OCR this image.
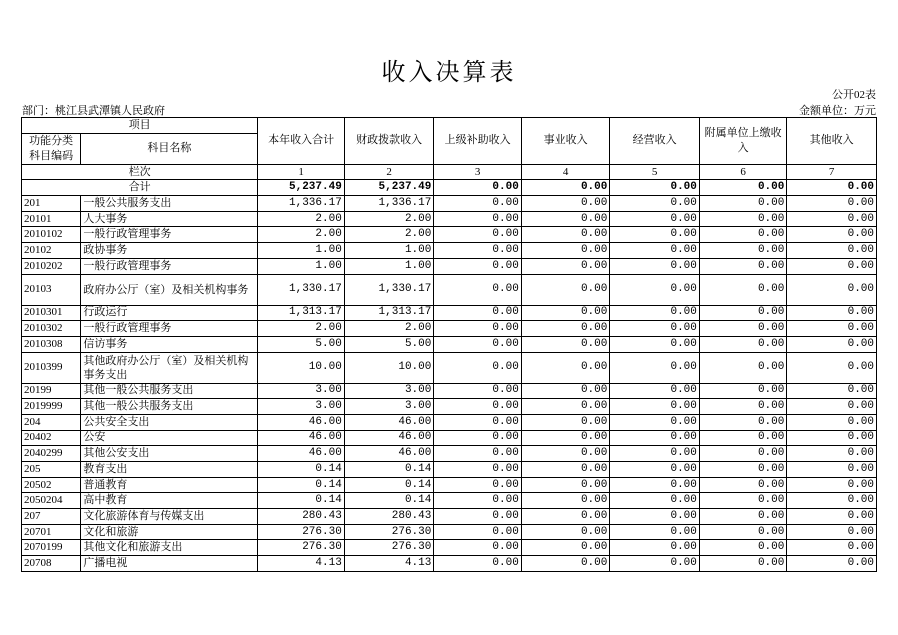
收入决算表
公开02表
部门：桃江县武潭镇人民政府	金额单位：万元
项目		本年收入合计	财政拨款收入	上级补助收入	事业收入	经营收入	附属单位上缴收入	其他收入
功能分类科目编码	科目名称							
栏次		1	2	3	4	5	6	7
合计		5,237.49	5,237.49	0.00	0.00	0.00	0.00	0.00
201	一般公共服务支出	1,336.17	1,336.17	0.00	0.00	0.00	0.00	0.00
20101	人大事务	2.00	2.00	0.00	0.00	0.00	0.00	0.00
2010102	一般行政管理事务	2.00	2.00	0.00	0.00	0.00	0.00	0.00
20102	政协事务	1.00	1.00	0.00	0.00	0.00	0.00	0.00
2010202	一般行政管理事务	1.00	1.00	0.00	0.00	0.00	0.00	0.00
20103	政府办公厅（室）及相关机构事务	1,330.17	1,330.17	0.00	0.00	0.00	0.00	0.00
2010301	行政运行	1,313.17	1,313.17	0.00	0.00	0.00	0.00	0.00
2010302	一般行政管理事务	2.00	2.00	0.00	0.00	0.00	0.00	0.00
2010308	信访事务	5.00	5.00	0.00	0.00	0.00	0.00	0.00
2010399	其他政府办公厅（室）及相关机构事务支出	10.00	10.00	0.00	0.00	0.00	0.00	0.00
20199	其他一般公共服务支出	3.00	3.00	0.00	0.00	0.00	0.00	0.00
2019999	其他一般公共服务支出	3.00	3.00	0.00	0.00	0.00	0.00	0.00
204	公共安全支出	46.00	46.00	0.00	0.00	0.00	0.00	0.00
20402	公安	46.00	46.00	0.00	0.00	0.00	0.00	0.00
2040299	其他公安支出	46.00	46.00	0.00	0.00	0.00	0.00	0.00
205	教育支出	0.14	0.14	0.00	0.00	0.00	0.00	0.00
20502	普通教育	0.14	0.14	0.00	0.00	0.00	0.00	0.00
2050204	高中教育	0.14	0.14	0.00	0.00	0.00	0.00	0.00
207	文化旅游体育与传媒支出	280.43	280.43	0.00	0.00	0.00	0.00	0.00
20701	文化和旅游	276.30	276.30	0.00	0.00	0.00	0.00	0.00
2070199	其他文化和旅游支出	276.30	276.30	0.00	0.00	0.00	0.00	0.00
20708	广播电视	4.13	4.13	0.00	0.00	0.00	0.00	0.00
